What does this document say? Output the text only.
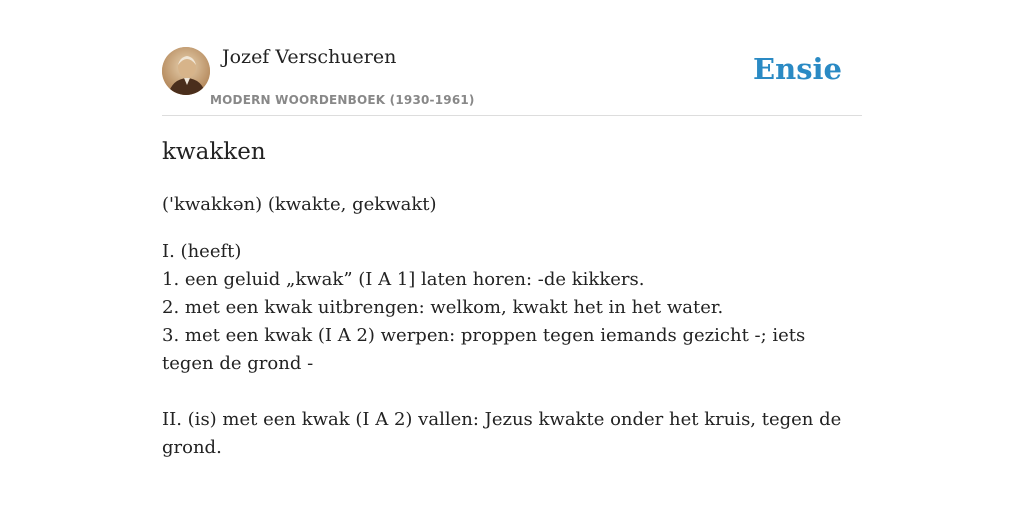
Jozef Verschueren
MODERN WOORDENBOEK (1930-1961)
Ensie
kwakken
('kwakkən) (kwakte, gekwakt)

I. (heeft)

1. een geluid „kwak” (I A 1] laten horen: -de kikkers.

2. met een kwak uitbrengen: welkom, kwakt het in het water.

3. met een kwak (I A 2) werpen: proppen tegen iemands gezicht -; iets tegen de grond -

II. (is) met een kwak (I A 2) vallen: Jezus kwakte onder het kruis, tegen de grond.
